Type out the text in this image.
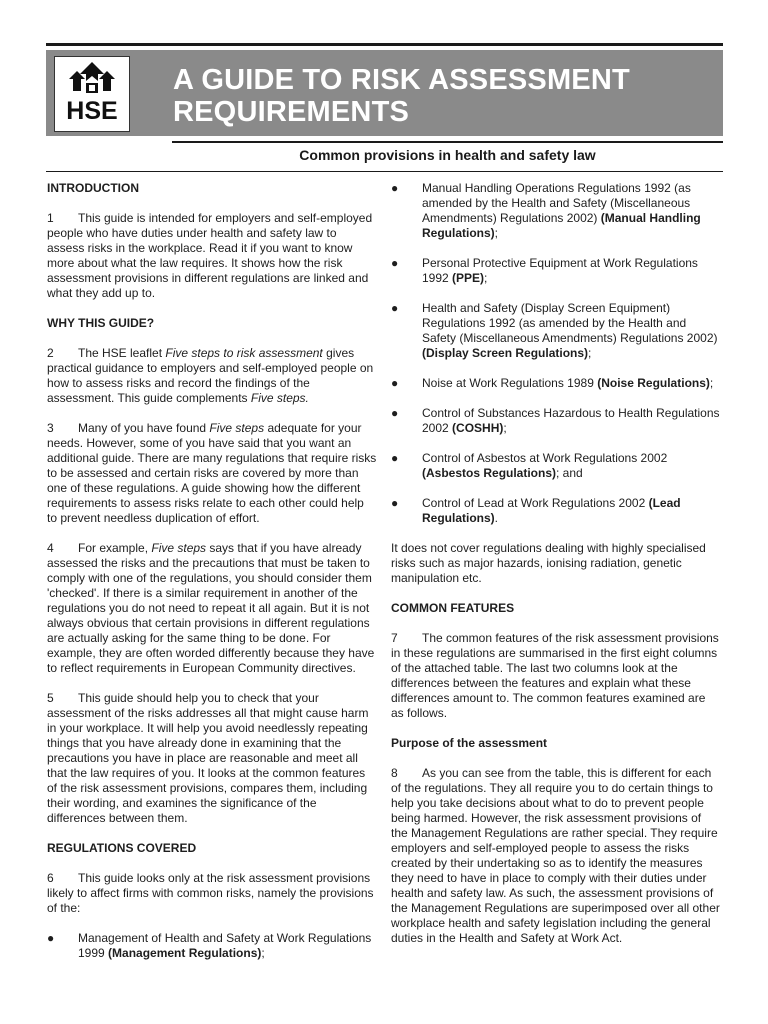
HSE
A GUIDE TO RISK ASSESSMENT
REQUIREMENTS
Common provisions in health and safety law
INTRODUCTION

1 This guide is intended for employers and self-employed people who have duties under health and safety law to assess risks in the workplace. Read it if you want to know more about what the law requires. It shows how the risk assessment provisions in different regulations are linked and what they add up to.

WHY THIS GUIDE?

2 The HSE leaflet Five steps to risk assessment gives practical guidance to employers and self-employed people on how to assess risks and record the findings of the assessment. This guide complements Five steps.

3 Many of you have found Five steps adequate for your needs. However, some of you have said that you want an additional guide. There are many regulations that require risks to be assessed and certain risks are covered by more than one of these regulations. A guide showing how the different requirements to assess risks relate to each other could help to prevent needless duplication of effort.

4 For example, Five steps says that if you have already assessed the risks and the precautions that must be taken to comply with one of the regulations, you should consider them 'checked'. If there is a similar requirement in another of the regulations you do not need to repeat it all again. But it is not always obvious that certain provisions in different regulations are actually asking for the same thing to be done. For example, they are often worded differently because they have to reflect requirements in European Community directives.

5 This guide should help you to check that your assessment of the risks addresses all that might cause harm in your workplace. It will help you avoid needlessly repeating things that you have already done in examining that the precautions you have in place are reasonable and meet all that the law requires of you. It looks at the common features of the risk assessment provisions, compares them, including their wording, and examines the significance of the differences between them.

REGULATIONS COVERED

6 This guide looks only at the risk assessment provisions likely to affect firms with common risks, namely the provisions of the:

●	Management of Health and Safety at Work Regulations 1999 (Management Regulations);
●	Manual Handling Operations Regulations 1992 (as amended by the Health and Safety (Miscellaneous Amendments) Regulations 2002) (Manual Handling Regulations);
●	Personal Protective Equipment at Work Regulations 1992 (PPE);
●	Health and Safety (Display Screen Equipment) Regulations 1992 (as amended by the Health and Safety (Miscellaneous Amendments) Regulations 2002) (Display Screen Regulations);
●	Noise at Work Regulations 1989 (Noise Regulations);
●	Control of Substances Hazardous to Health Regulations 2002 (COSHH);
●	Control of Asbestos at Work Regulations 2002 (Asbestos Regulations); and
●	Control of Lead at Work Regulations 2002 (Lead Regulations).

It does not cover regulations dealing with highly specialised risks such as major hazards, ionising radiation, genetic manipulation etc.

COMMON FEATURES

7 The common features of the risk assessment provisions in these regulations are summarised in the first eight columns of the attached table. The last two columns look at the differences between the features and explain what these differences amount to. The common features examined are as follows.

Purpose of the assessment

8 As you can see from the table, this is different for each of the regulations. They all require you to do certain things to help you take decisions about what to do to prevent people being harmed. However, the risk assessment provisions of the Management Regulations are rather special. They require employers and self-employed people to assess the risks created by their undertaking so as to identify the measures they need to have in place to comply with their duties under health and safety law. As such, the assessment provisions of the Management Regulations are superimposed over all other workplace health and safety legislation including the general duties in the Health and Safety at Work Act.
